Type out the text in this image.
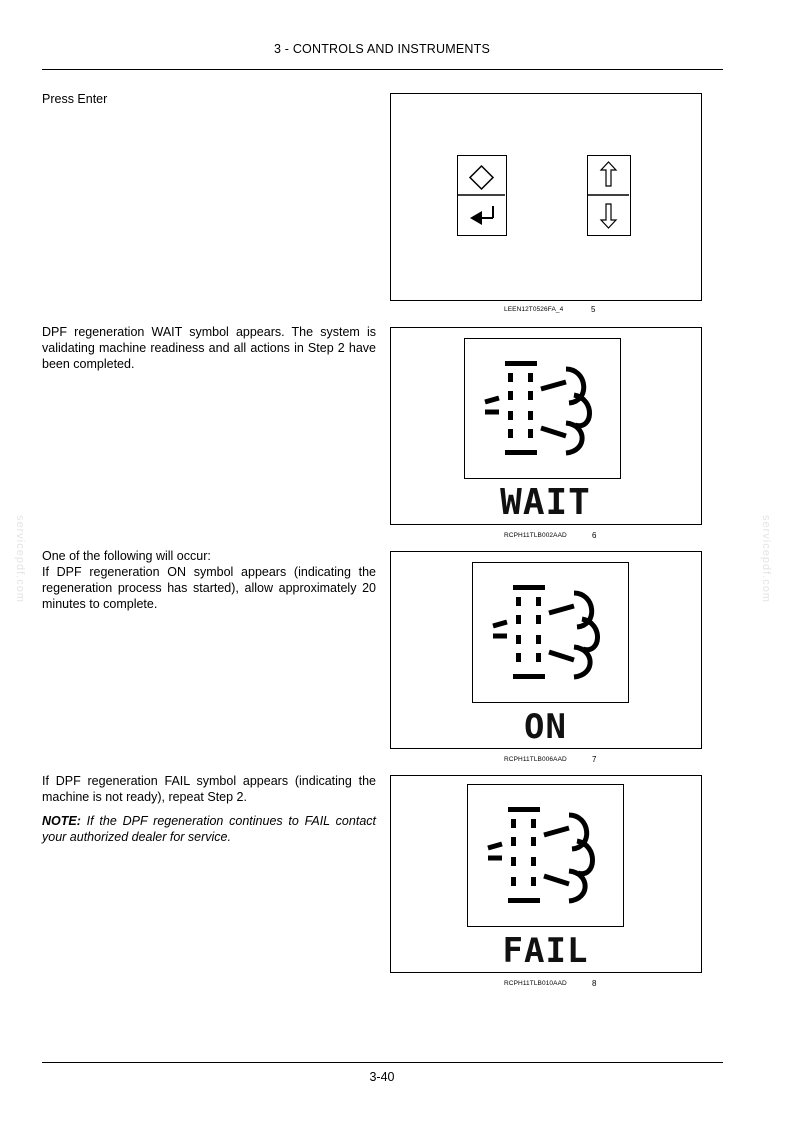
3 - CONTROLS AND INSTRUMENTS
servicepdf.com	servicepdf.com
Press Enter
LEEN12T0526FA_4	5
DPF regeneration WAIT symbol appears. The system is validating machine readiness and all actions in Step 2 have been completed.
WAIT
RCPH11TLB002AAD	6

One of the following will occur:

If DPF regeneration ON symbol appears (indicating the regeneration process has started), allow approximately 20 minutes to complete.

ON
RCPH11TLB006AAD	7
If DPF regeneration FAIL symbol appears (indicating the machine is not ready), repeat Step 2.
NOTE: If the DPF regeneration continues to FAIL contact your authorized dealer for service.
FAIL
RCPH11TLB010AAD	8
3-40
